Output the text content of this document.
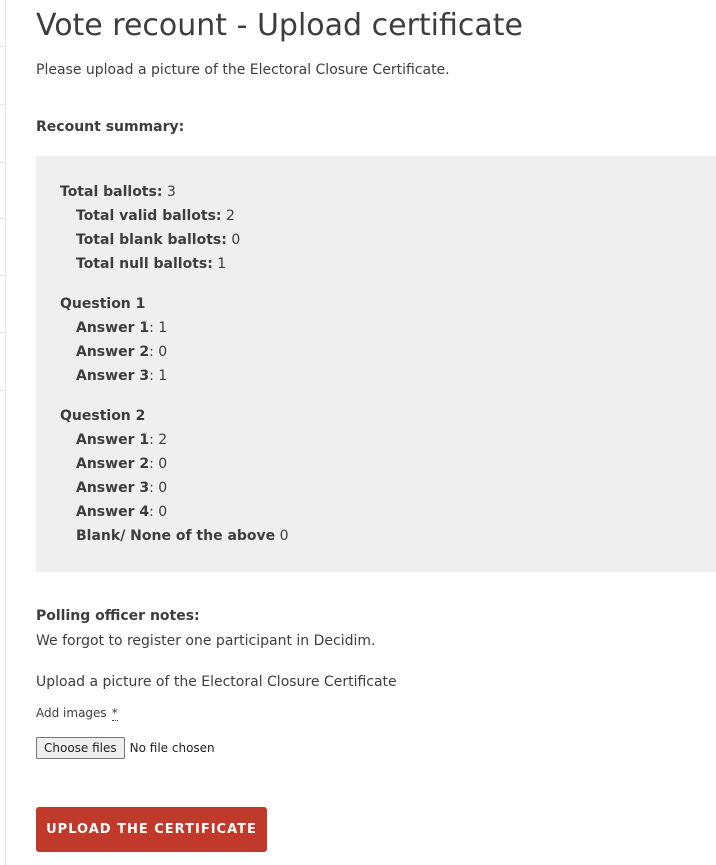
Vote recount - Upload certificate
Please upload a picture of the Electoral Closure Certificate.
Recount summary:
Total ballots: 3
Total valid ballots: 2
Total blank ballots: 0
Total null ballots: 1
Question 1
Answer 1: 1
Answer 2: 0
Answer 3: 1
Question 2
Answer 1: 2
Answer 2: 0
Answer 3: 0
Answer 4: 0
Blank/ None of the above 0
Polling officer notes:
We forgot to register one participant in Decidim.
Upload a picture of the Electoral Closure Certificate
Add images *
Choose files	No file chosen
UPLOAD THE CERTIFICATE
